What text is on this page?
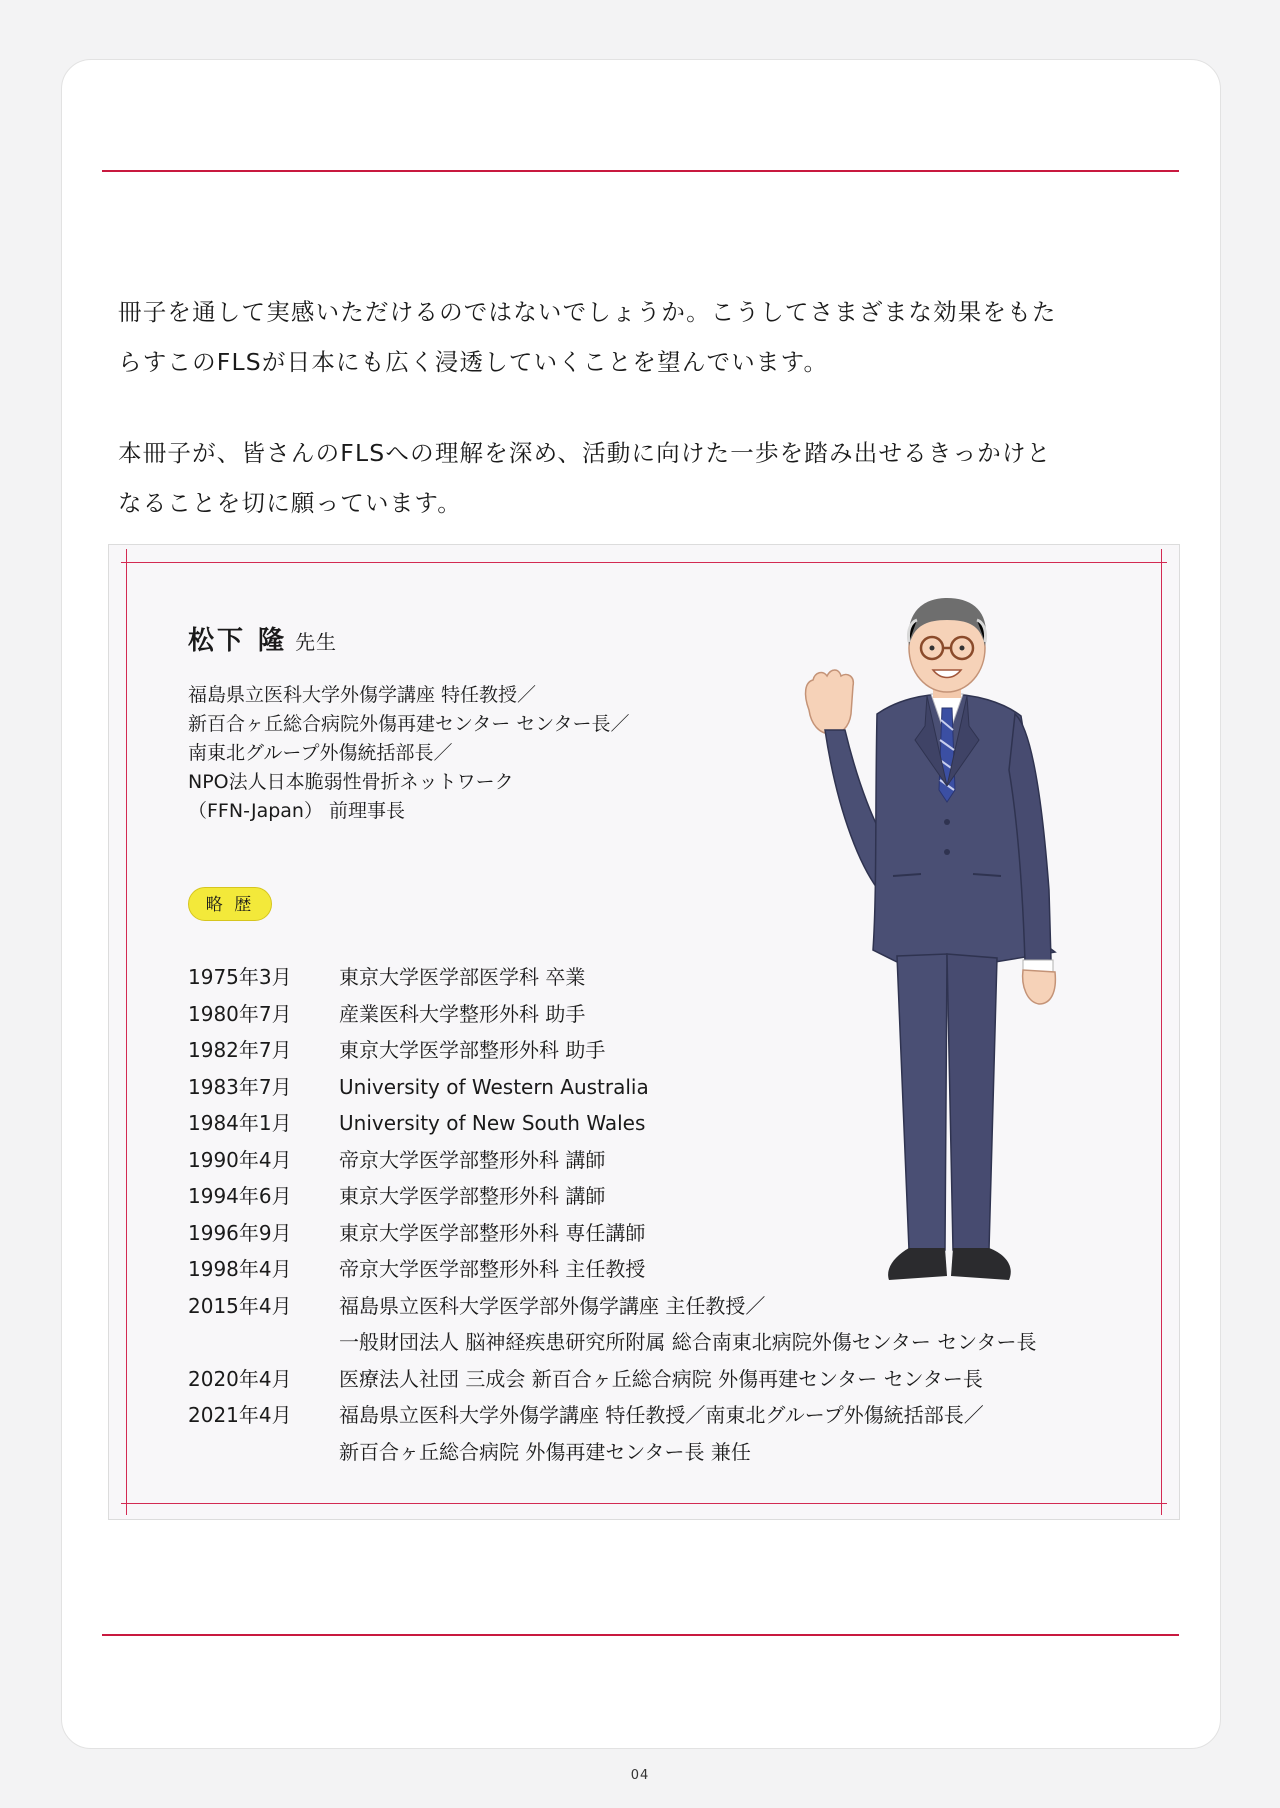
冊子を通して実感いただけるのではないでしょうか。こうしてさまざまな効果をもた
らすこのFLSが日本にも広く浸透していくことを望んでいます。

本冊子が、皆さんのFLSへの理解を深め、活動に向けた一歩を踏み出せるきっかけと
なることを切に願っています。

松下 隆 先生
福島県立医科大学外傷学講座 特任教授／
新百合ヶ丘総合病院外傷再建センター センター長／
南東北グループ外傷統括部長／
NPO法人日本脆弱性骨折ネットワーク
（FFN-Japan） 前理事長
略 歴
1975年3月	東京大学医学部医学科 卒業
1980年7月	産業医科大学整形外科 助手
1982年7月	東京大学医学部整形外科 助手
1983年7月	University of Western Australia
1984年1月	University of New South Wales
1990年4月	帝京大学医学部整形外科 講師
1994年6月	東京大学医学部整形外科 講師
1996年9月	東京大学医学部整形外科 専任講師
1998年4月	帝京大学医学部整形外科 主任教授
2015年4月	福島県立医科大学医学部外傷学講座 主任教授／
一般財団法人 脳神経疾患研究所附属 総合南東北病院外傷センター センター長
2020年4月	医療法人社団 三成会 新百合ヶ丘総合病院 外傷再建センター センター長
2021年4月	福島県立医科大学外傷学講座 特任教授／南東北グループ外傷統括部長／
新百合ヶ丘総合病院 外傷再建センター長 兼任
04
